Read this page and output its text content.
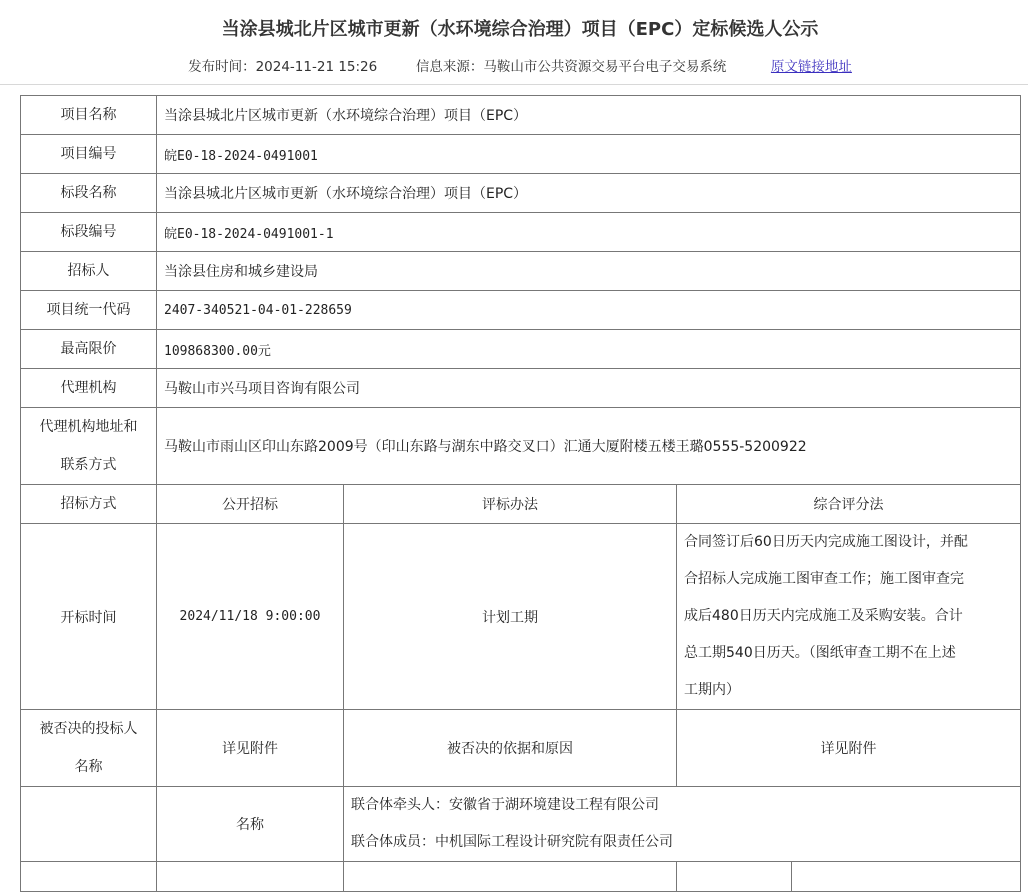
当涂县城北片区城市更新（水环境综合治理）项目（EPC）定标候选人公示
发布时间：2024-11-21 15:26	信息来源：马鞍山市公共资源交易平台电子交易系统	原文链接地址
项目名称	当涂县城北片区城市更新（水环境综合治理）项目（EPC）			
项目编号	皖E0-18-2024-0491001			
标段名称	当涂县城北片区城市更新（水环境综合治理）项目（EPC）			
标段编号	皖E0-18-2024-0491001-1			
招标人	当涂县住房和城乡建设局			
项目统一代码	2407-340521-04-01-228659			
最高限价	109868300.00元			
代理机构	马鞍山市兴马项目咨询有限公司			

代理机构地址和
联系方式	马鞍山市雨山区印山东路2009号（印山东路与湖东中路交叉口）汇通大厦附楼五楼王璐0555-5200922			
招标方式	公开招标	评标办法	综合评分法	
开标时间	2024/11/18 9:00:00	计划工期	合同签订后60日历天内完成施工图设计，并配
合招标人完成施工图审查工作；施工图审查完
成后480日历天内完成施工及采购安装。合计
总工期540日历天。（图纸审查工期不在上述
工期内）	

被否决的投标人
名称	详见附件	被否决的依据和原因	详见附件	
	名称	联合体牵头人：安徽省于湖环境建设工程有限公司
联合体成员：中机国际工程设计研究院有限责任公司		
